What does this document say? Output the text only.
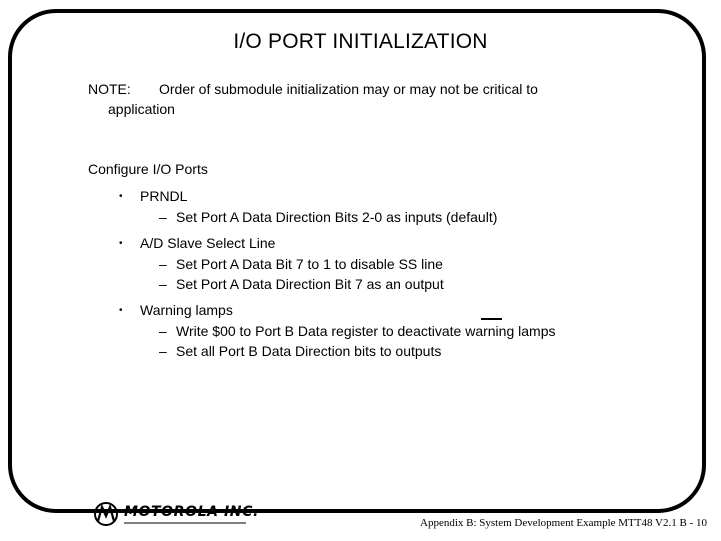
I/O PORT INITIALIZATION
NOTE: Order of submodule initialization may or may not be critical to
application
Configure I/O Ports
• PRNDL
– Set Port A Data Direction Bits 2-0 as inputs (default)
• A/D Slave Select Line
– Set Port A Data Bit 7 to 1 to disable SS line
– Set Port A Data Direction Bit 7 as an output
• Warning lamps
– Write $00 to Port B Data register to deactivate warning lamps
– Set all Port B Data Direction bits to outputs
MOTOROLA INC.
Appendix B: System Development Example MTT48 V2.1 B - 10
